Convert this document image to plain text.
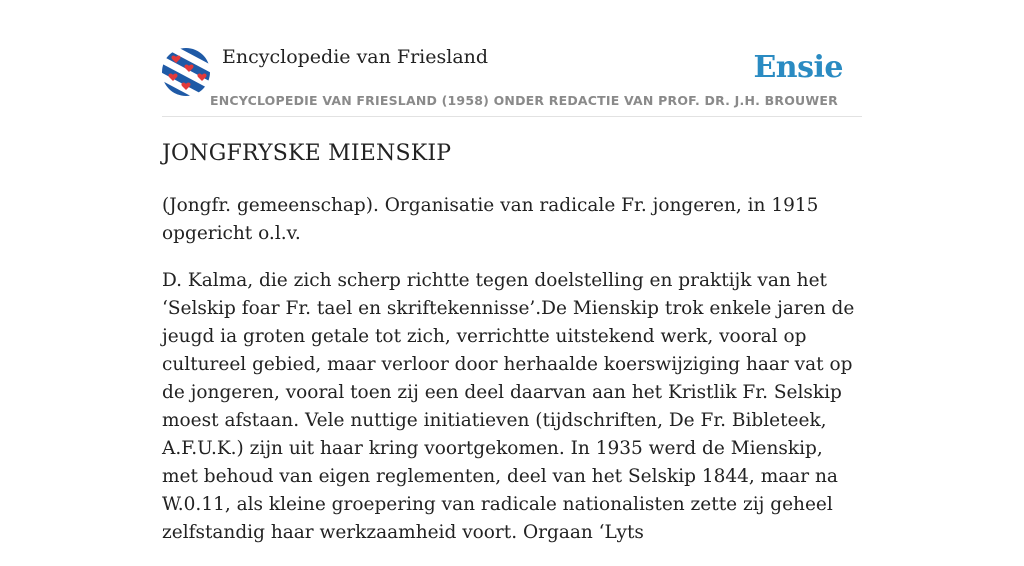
Encyclopedie van Friesland
ENCYCLOPEDIE VAN FRIESLAND (1958) ONDER REDACTIE VAN PROF. DR. J.H. BROUWER
Ensie
JONGFRYSKE MIENSKIP

(Jongfr. gemeenschap). Organisatie van radicale Fr. jongeren, in 1915 opgericht o.l.v.

D. Kalma, die zich scherp richtte tegen doelstelling en praktijk van het ‘Selskip foar Fr. tael en skriftekennisse’.De Mienskip trok enkele jaren de jeugd ia groten getale tot zich, verrichtte uitstekend werk, vooral op cultureel gebied, maar verloor door herhaalde koerswijziging haar vat op de jongeren, vooral toen zij een deel daarvan aan het Kristlik Fr. Selskip moest afstaan. Vele nuttige initiatieven (tijdschriften, De Fr. Bibleteek, A.F.U.K.) zijn uit haar kring voortgekomen. In 1935 werd de Mienskip, met behoud van eigen reglementen, deel van het Selskip 1844, maar na W.0.11, als kleine groepering van radicale nationalisten zette zij geheel zelfstandig haar werkzaamheid voort. Orgaan ‘Lyts
